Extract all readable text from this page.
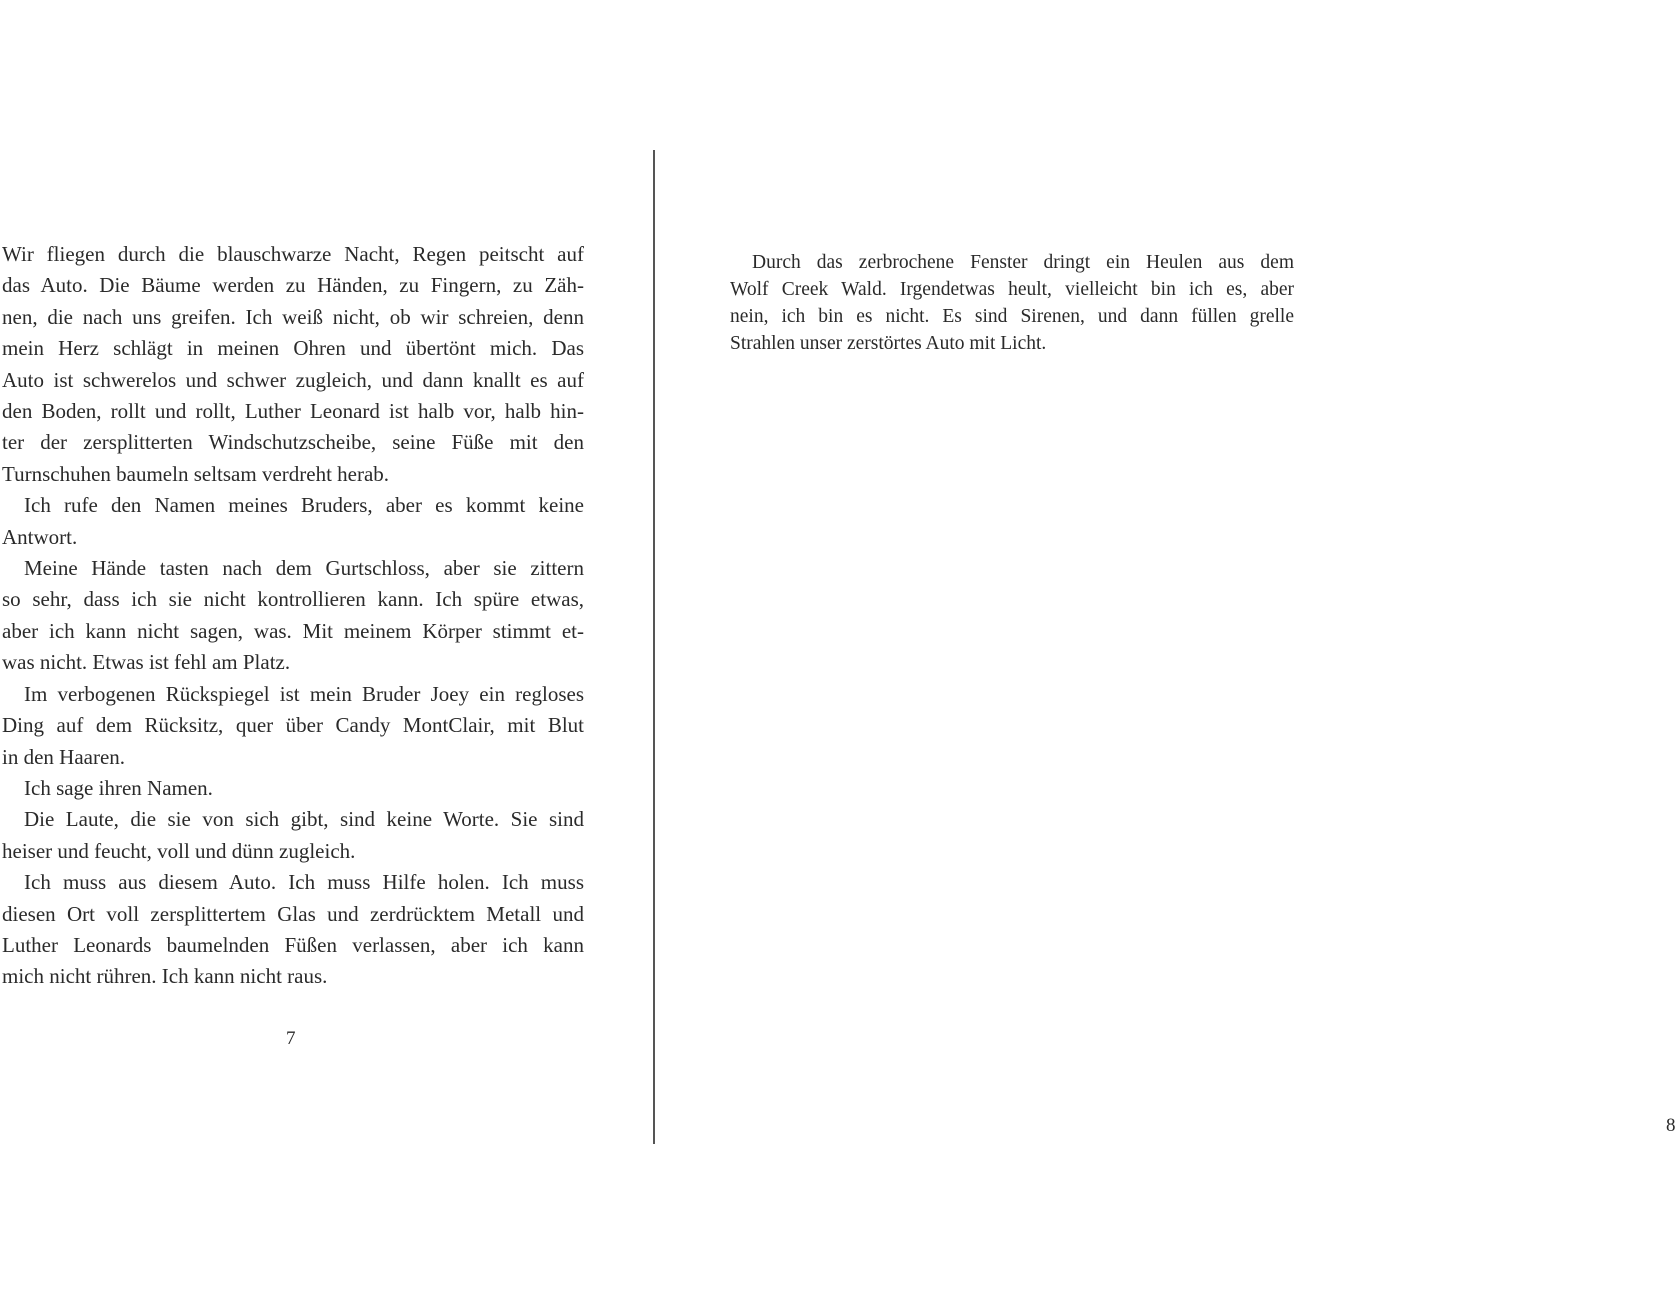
Wir fliegen durch die blauschwarze Nacht, Regen peitscht auf
das Auto. Die Bäume werden zu Händen, zu Fingern, zu Zäh-
nen, die nach uns greifen. Ich weiß nicht, ob wir schreien, denn
mein Herz schlägt in meinen Ohren und übertönt mich. Das
Auto ist schwerelos und schwer zugleich, und dann knallt es auf
den Boden, rollt und rollt, Luther Leonard ist halb vor, halb hin-
ter der zersplitterten Windschutzscheibe, seine Füße mit den
Turnschuhen baumeln seltsam verdreht herab.

Ich rufe den Namen meines Bruders, aber es kommt keine
Antwort.

Meine Hände tasten nach dem Gurtschloss, aber sie zittern
so sehr, dass ich sie nicht kontrollieren kann. Ich spüre etwas,
aber ich kann nicht sagen, was. Mit meinem Körper stimmt et-
was nicht. Etwas ist fehl am Platz.

Im verbogenen Rückspiegel ist mein Bruder Joey ein regloses
Ding auf dem Rücksitz, quer über Candy MontClair, mit Blut
in den Haaren.

Ich sage ihren Namen.

Die Laute, die sie von sich gibt, sind keine Worte. Sie sind
heiser und feucht, voll und dünn zugleich.

Ich muss aus diesem Auto. Ich muss Hilfe holen. Ich muss
diesen Ort voll zersplittertem Glas und zerdrücktem Metall und
Luther Leonards baumelnden Füßen verlassen, aber ich kann
mich nicht rühren. Ich kann nicht raus.

7

Durch das zerbrochene Fenster dringt ein Heulen aus dem
Wolf Creek Wald. Irgendetwas heult, vielleicht bin ich es, aber
nein, ich bin es nicht. Es sind Sirenen, und dann füllen grelle
Strahlen unser zerstörtes Auto mit Licht.

8
